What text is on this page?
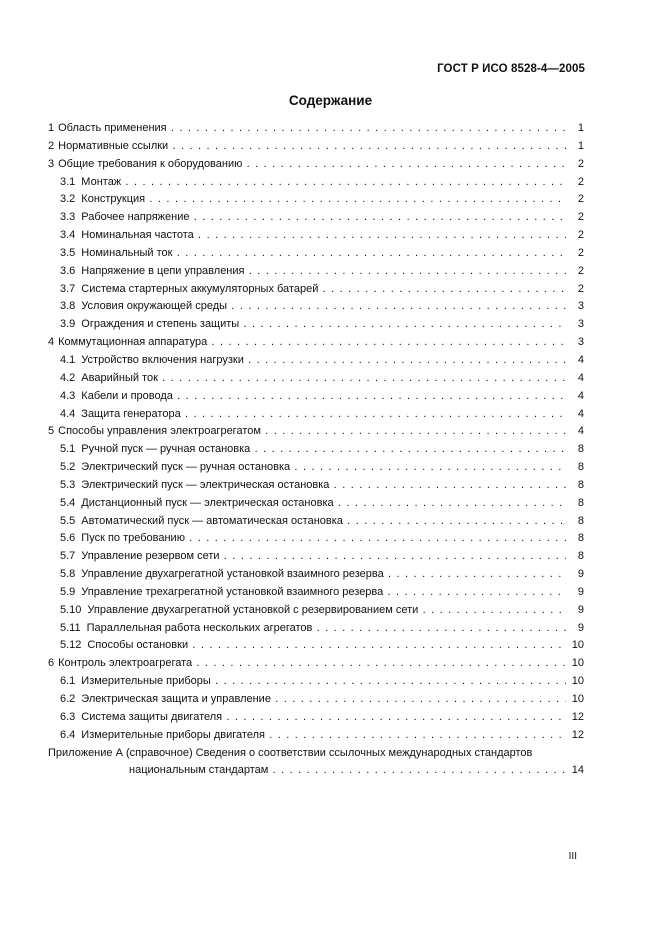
ГОСТ Р ИСО 8528-4—2005
Содержание
1 Область применения . . .	1
2 Нормативные ссылки . . .	1
3 Общие требования к оборудованию . . .	2
3.1 Монтаж . . .	2
3.2 Конструкция . . .	2
3.3 Рабочее напряжение . . .	2
3.4 Номинальная частота . . .	2
3.5 Номинальный ток . . .	2
3.6 Напряжение в цепи управления . . .	2
3.7 Система стартерных аккумуляторных батарей . . .	2
3.8 Условия окружающей среды . . .	3
3.9 Ограждения и степень защиты . . .	3
4 Коммутационная аппаратура . . .	3
4.1 Устройство включения нагрузки . . .	4
4.2 Аварийный ток . . .	4
4.3 Кабели и провода . . .	4
4.4 Защита генератора . . .	4
5 Способы управления электроагрегатом . . .	4
5.1 Ручной пуск — ручная остановка . . .	8
5.2 Электрический пуск — ручная остановка . . .	8
5.3 Электрический пуск — электрическая остановка . . .	8
5.4 Дистанционный пуск — электрическая остановка . . .	8
5.5 Автоматический пуск — автоматическая остановка . . .	8
5.6 Пуск по требованию . . .	8
5.7 Управление резервом сети . . .	8
5.8 Управление двухагрегатной установкой взаимного резерва . . .	9
5.9 Управление трехагрегатной установкой взаимного резерва . . .	9
5.10 Управление двухагрегатной установкой с резервированием сети . . .	9
5.11 Параллельная работа нескольких агрегатов . . .	9
5.12 Способы остановки . . .	10
6 Контроль электроагрегата . . .	10
6.1 Измерительные приборы . . .	10
6.2 Электрическая защита и управление . . .	10
6.3 Система защиты двигателя . . .	12
6.4 Измерительные приборы двигателя . . .	12
Приложение А (справочное) Сведения о соответствии ссылочных международных стандартов
национальным стандартам . . .	14
III
